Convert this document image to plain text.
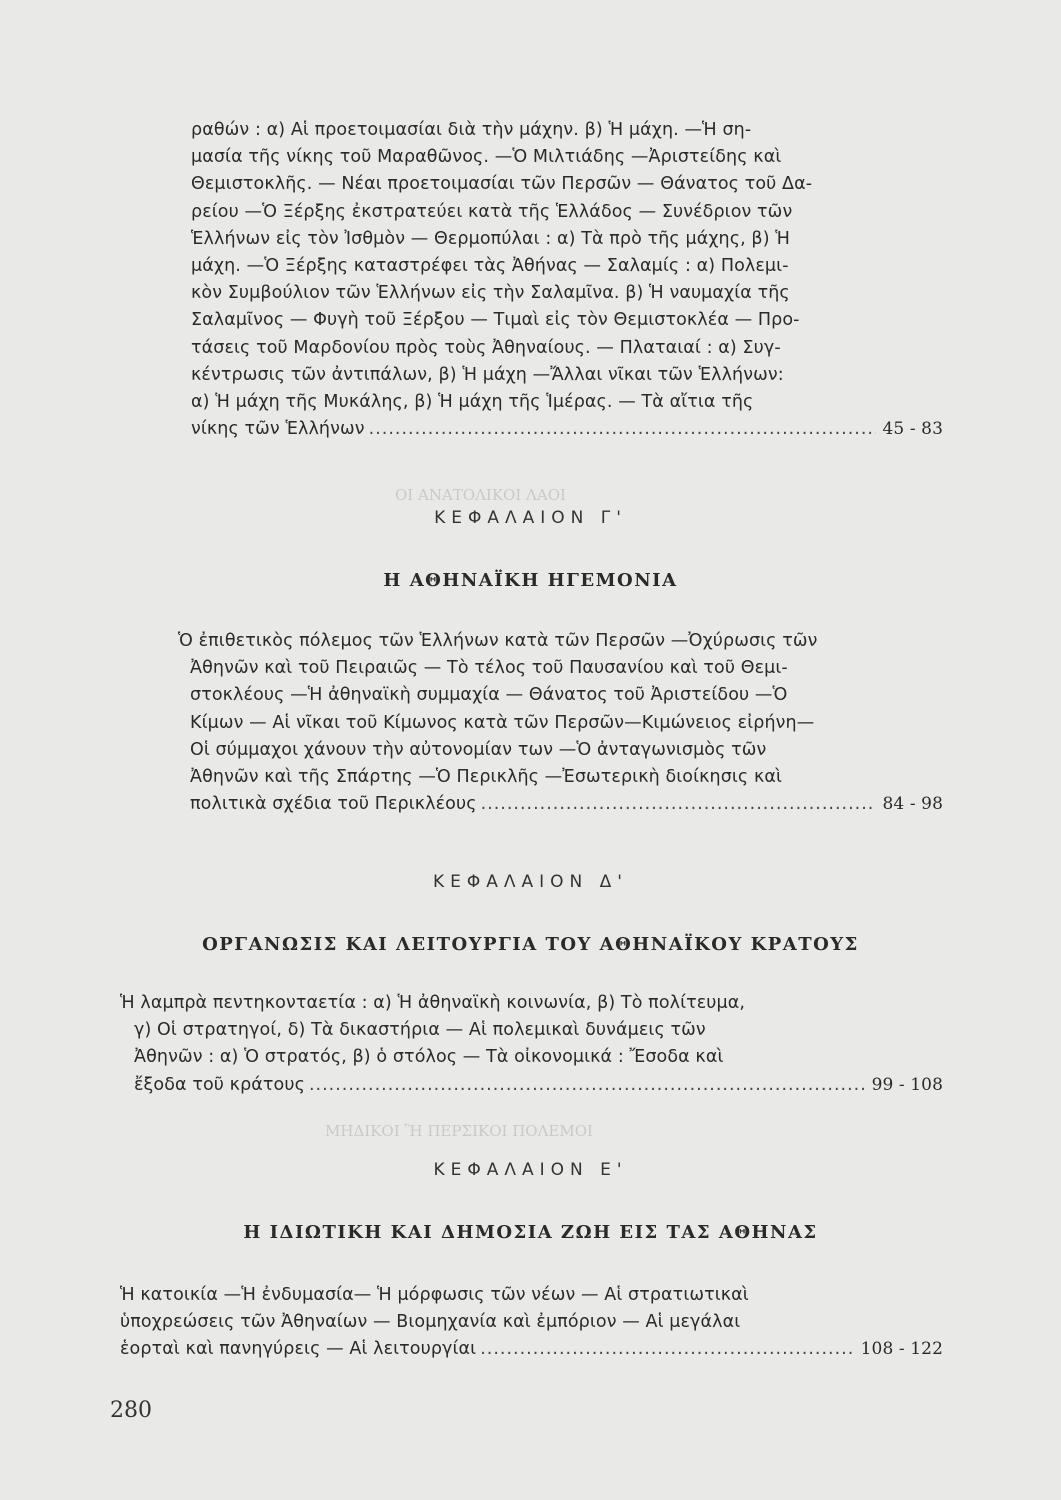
ΟΙ ΑΝΑΤΟΛΙΚΟΙ ΛΑΟΙ
ΜΗΔΙΚΟΙ Ἢ ΠΕΡΣΙΚΟΙ ΠΟΛΕΜΟΙ

ραθών : α) Αἱ προετοιμασίαι διὰ τὴν μάχην. β) Ἡ μάχη. —Ἡ ση-

μασία τῆς νίκης τοῦ Μαραθῶνος. —Ὁ Μιλτιάδης —Ἀριστείδης καὶ

Θεμιστοκλῆς. — Νέαι προετοιμασίαι τῶν Περσῶν — Θάνατος τοῦ Δα-

ρείου —Ὁ Ξέρξης ἐκστρατεύει κατὰ τῆς Ἑλλάδος — Συνέδριον τῶν

Ἑλλήνων εἰς τὸν Ἰσθμὸν — Θερμοπύλαι : α) Τὰ πρὸ τῆς μάχης, β) Ἡ

μάχη. —Ὁ Ξέρξης καταστρέφει τὰς Ἀθήνας — Σαλαμίς : α) Πολεμι-

κὸν Συμβούλιον τῶν Ἑλλήνων εἰς τὴν Σαλαμῖνα. β) Ἡ ναυμαχία τῆς

Σαλαμῖνος — Φυγὴ τοῦ Ξέρξου — Τιμαὶ εἰς τὸν Θεμιστοκλέα — Προ-

τάσεις τοῦ Μαρδονίου πρὸς τοὺς Ἀθηναίους. — Πλαταιαί : α) Συγ-

κέντρωσις τῶν ἀντιπάλων, β) Ἡ μάχη —Ἄλλαι νῖκαι τῶν Ἑλλήνων:

α) Ἡ μάχη τῆς Μυκάλης, β) Ἡ μάχη τῆς Ἱμέρας. — Τὰ αἴτια τῆς

νίκης τῶν Ἑλλήνων .....	45 - 83
ΚΕΦΑΛΑΙΟΝ Γ'
Η ΑΘΗΝΑΪΚΗ ΗΓΕΜΟΝΙΑ

Ὁ ἐπιθετικὸς πόλεμος τῶν Ἑλλήνων κατὰ τῶν Περσῶν —Ὀχύρωσις τῶν

Ἀθηνῶν καὶ τοῦ Πειραιῶς — Τὸ τέλος τοῦ Παυσανίου καὶ τοῦ Θεμι-

στοκλέους —Ἡ ἀθηναϊκὴ συμμαχία — Θάνατος τοῦ Ἀριστείδου —Ὁ

Κίμων — Αἱ νῖκαι τοῦ Κίμωνος κατὰ τῶν Περσῶν—Κιμώνειος εἰρήνη—

Οἱ σύμμαχοι χάνουν τὴν αὐτονομίαν των —Ὁ ἀνταγωνισμὸς τῶν

Ἀθηνῶν καὶ τῆς Σπάρτης —Ὁ Περικλῆς —Ἐσωτερικὴ διοίκησις καὶ

πολιτικὰ σχέδια τοῦ Περικλέους .....	84 - 98
ΚΕΦΑΛΑΙΟΝ Δ'
ΟΡΓΑΝΩΣΙΣ ΚΑΙ ΛΕΙΤΟΥΡΓΙΑ ΤΟΥ ΑΘΗΝΑΪΚΟΥ ΚΡΑΤΟΥΣ

Ἡ λαμπρὰ πεντηκονταετία : α) Ἡ ἀθηναϊκὴ κοινωνία, β) Τὸ πολίτευμα,

γ) Οἱ στρατηγοί, δ) Τὰ δικαστήρια — Αἱ πολεμικαὶ δυνάμεις τῶν

Ἀθηνῶν : α) Ὁ στρατός, β) ὁ στόλος — Τὰ οἰκονομικά : Ἔσοδα καὶ

ἔξοδα τοῦ κράτους .....	99 - 108
ΚΕΦΑΛΑΙΟΝ Ε'
Η ΙΔΙΩΤΙΚΗ ΚΑΙ ΔΗΜΟΣΙΑ ΖΩΗ ΕΙΣ ΤΑΣ ΑΘΗΝΑΣ

Ἡ κατοικία —Ἡ ἐνδυμασία— Ἡ μόρφωσις τῶν νέων — Αἱ στρατιωτικαὶ

ὑποχρεώσεις τῶν Ἀθηναίων — Βιομηχανία καὶ ἐμπόριον — Αἱ μεγάλαι

ἑορταὶ καὶ πανηγύρεις — Αἱ λειτουργίαι .....	108 - 122
280
